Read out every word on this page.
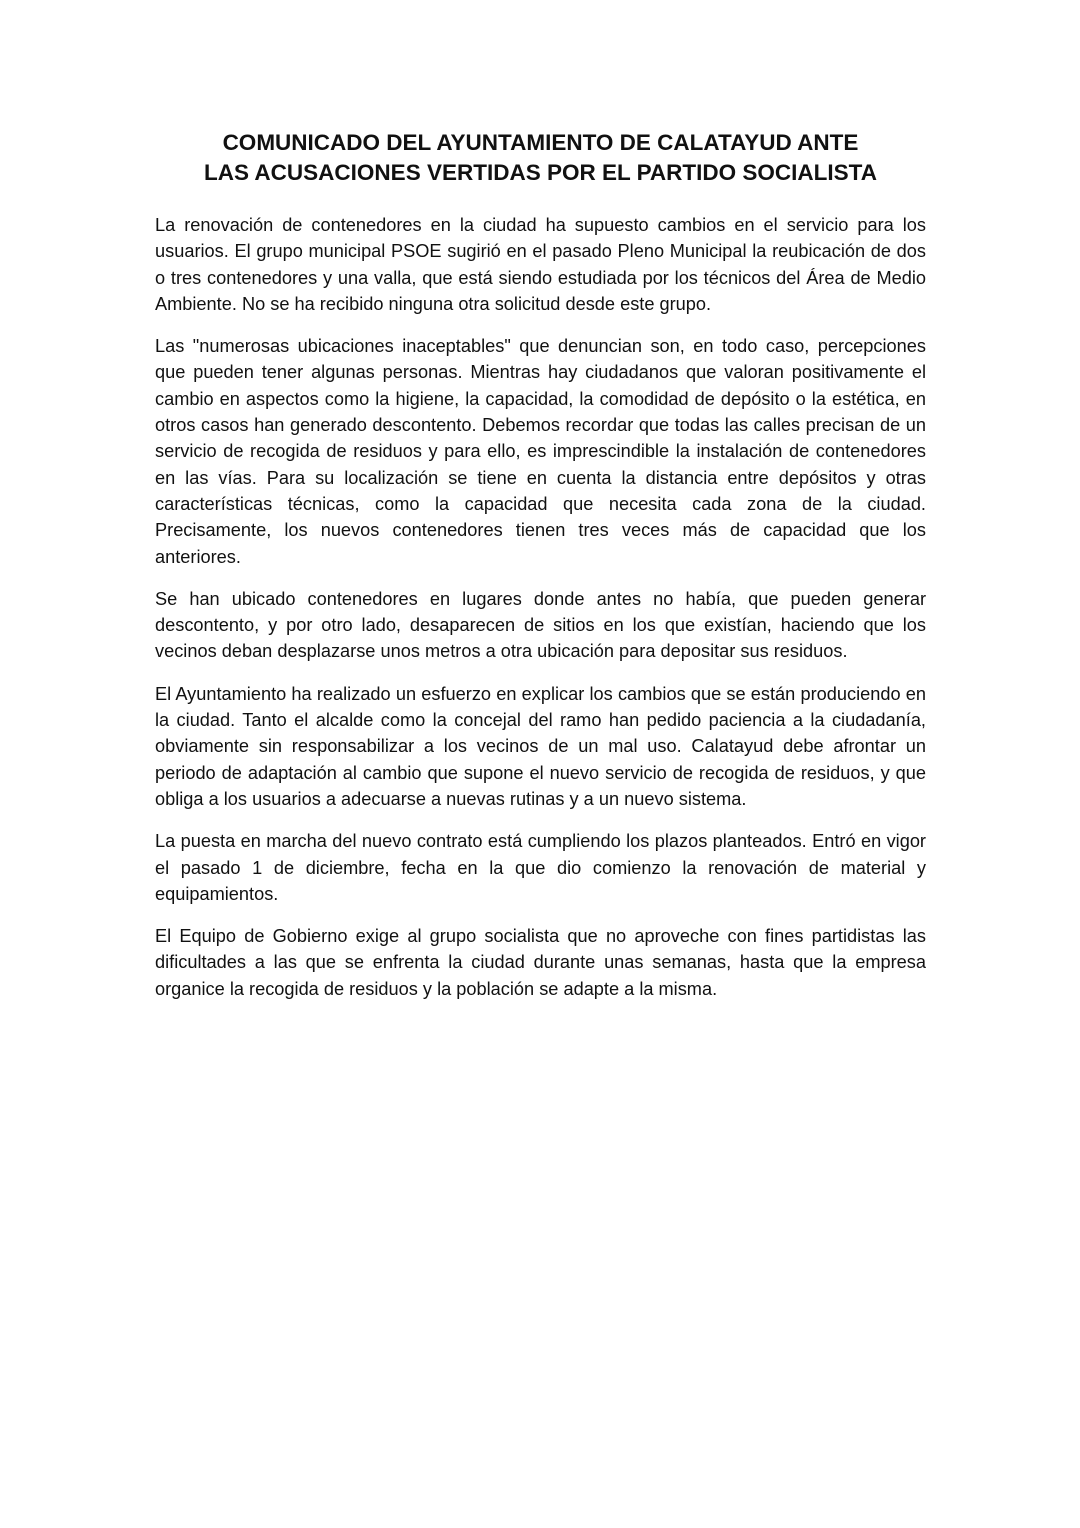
COMUNICADO DEL AYUNTAMIENTO DE CALATAYUD ANTE
LAS ACUSACIONES VERTIDAS POR EL PARTIDO SOCIALISTA

La renovación de contenedores en la ciudad ha supuesto cambios en el servicio para los usuarios. El grupo municipal PSOE sugirió en el pasado Pleno Municipal la reubicación de dos o tres contenedores y una valla, que está siendo estudiada por los técnicos del Área de Medio Ambiente. No se ha recibido ninguna otra solicitud desde este grupo.

Las "numerosas ubicaciones inaceptables" que denuncian son, en todo caso, percepciones que pueden tener algunas personas. Mientras hay ciudadanos que valoran positivamente el cambio en aspectos como la higiene, la capacidad, la comodidad de depósito o la estética, en otros casos han generado descontento. Debemos recordar que todas las calles precisan de un servicio de recogida de residuos y para ello, es imprescindible la instalación de contenedores en las vías. Para su localización se tiene en cuenta la distancia entre depósitos y otras características técnicas, como la capacidad que necesita cada zona de la ciudad. Precisamente, los nuevos contenedores tienen tres veces más de capacidad que los anteriores.

Se han ubicado contenedores en lugares donde antes no había, que pueden generar descontento, y por otro lado, desaparecen de sitios en los que existían, haciendo que los vecinos deban desplazarse unos metros a otra ubicación para depositar sus residuos.

El Ayuntamiento ha realizado un esfuerzo en explicar los cambios que se están produciendo en la ciudad. Tanto el alcalde como la concejal del ramo han pedido paciencia a la ciudadanía, obviamente sin responsabilizar a los vecinos de un mal uso. Calatayud debe afrontar un periodo de adaptación al cambio que supone el nuevo servicio de recogida de residuos, y que obliga a los usuarios a adecuarse a nuevas rutinas y a un nuevo sistema.

La puesta en marcha del nuevo contrato está cumpliendo los plazos planteados. Entró en vigor el pasado 1 de diciembre, fecha en la que dio comienzo la renovación de material y equipamientos.

El Equipo de Gobierno exige al grupo socialista que no aproveche con fines partidistas las dificultades a las que se enfrenta la ciudad durante unas semanas, hasta que la empresa organice la recogida de residuos y la población se adapte a la misma.
